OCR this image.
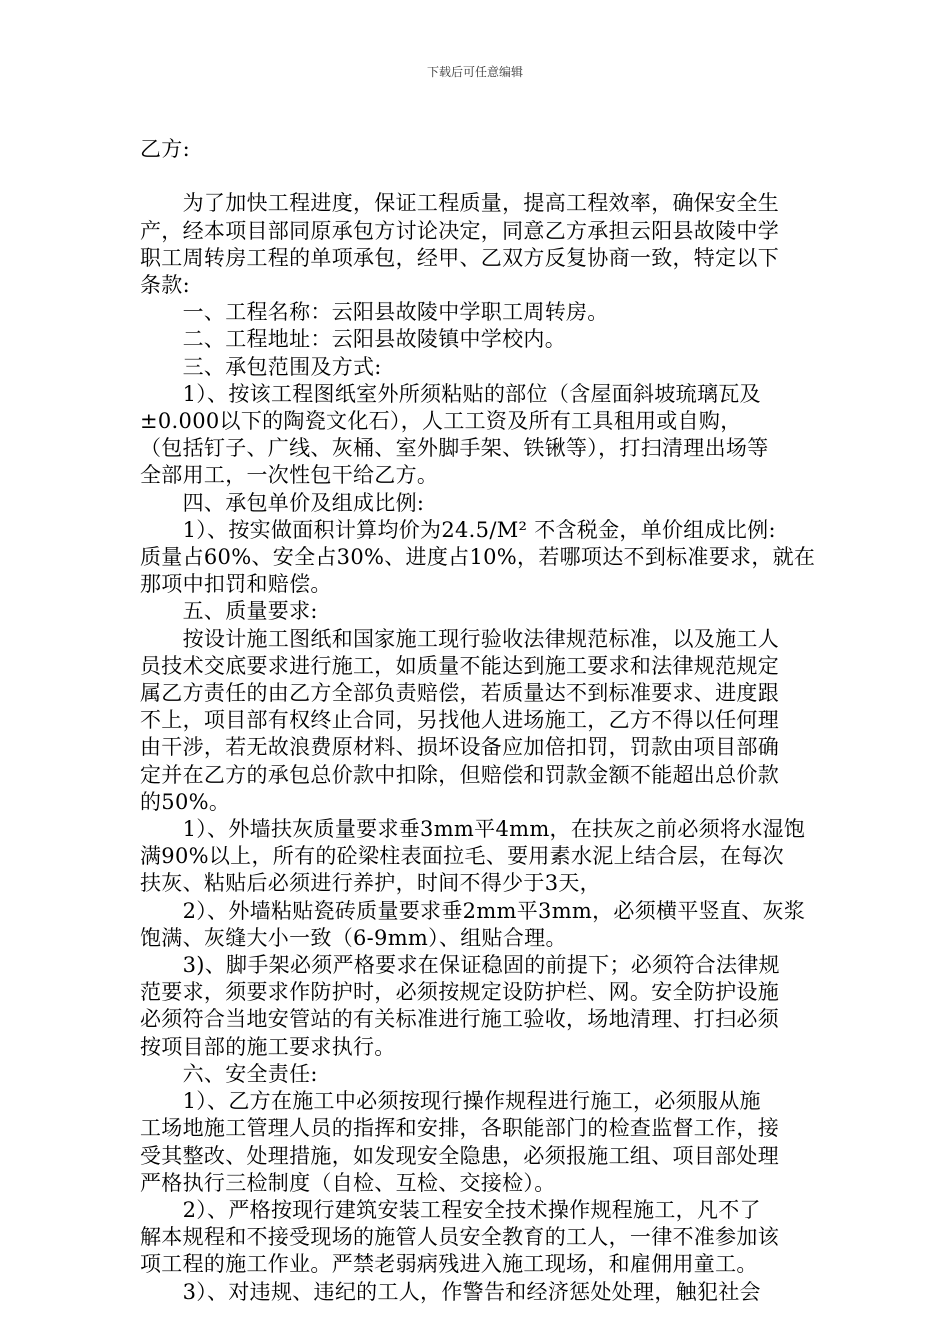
下载后可任意编辑
乙方:
　　为了加快工程进度，保证工程质量，提高工程效率，确保安全生
产，经本项目部同原承包方讨论决定，同意乙方承担云阳县故陵中学
职工周转房工程的单项承包，经甲、乙双方反复协商一致，特定以下
条款:
　　一、工程名称：云阳县故陵中学职工周转房。
　　二、工程地址：云阳县故陵镇中学校内。
　　三、承包范围及方式:
　　1）、按该工程图纸室外所须粘贴的部位（含屋面斜坡琉璃瓦及
±0.000以下的陶瓷文化石），人工工资及所有工具租用或自购，
（包括钉子、广线、灰桶、室外脚手架、铁锹等），打扫清理出场等
全部用工，一次性包干给乙方。
　　四、承包单价及组成比例:
　　1）、按实做面积计算均价为24.5/M² 不含税金，单价组成比例:
质量占60%、安全占30%、进度占10%，若哪项达不到标准要求，就在
那项中扣罚和赔偿。
　　五、质量要求:
　　按设计施工图纸和国家施工现行验收法律规范标准，以及施工人
员技术交底要求进行施工，如质量不能达到施工要求和法律规范规定
属乙方责任的由乙方全部负责赔偿，若质量达不到标准要求、进度跟
不上，项目部有权终止合同，另找他人进场施工，乙方不得以任何理
由干涉，若无故浪费原材料、损坏设备应加倍扣罚，罚款由项目部确
定并在乙方的承包总价款中扣除，但赔偿和罚款金额不能超出总价款
的50%。
　　1）、外墙扶灰质量要求垂3mm平4mm，在扶灰之前必须将水湿饱
满90%以上，所有的砼梁柱表面拉毛、要用素水泥上结合层，在每次
扶灰、粘贴后必须进行养护，时间不得少于3天，
　　2）、外墙粘贴瓷砖质量要求垂2mm平3mm，必须横平竖直、灰浆
饱满、灰缝大小一致（6-9mm）、组贴合理。
　　3)、脚手架必须严格要求在保证稳固的前提下；必须符合法律规
范要求，须要求作防护时，必须按规定设防护栏、网。安全防护设施
必须符合当地安管站的有关标准进行施工验收，场地清理、打扫必须
按项目部的施工要求执行。
　　六、安全责任:
　　1）、乙方在施工中必须按现行操作规程进行施工，必须服从施
工场地施工管理人员的指挥和安排，各职能部门的检查监督工作，接
受其整改、处理措施，如发现安全隐患，必须报施工组、项目部处理
严格执行三检制度（自检、互检、交接检）。
　　2）、严格按现行建筑安装工程安全技术操作规程施工，凡不了
解本规程和不接受现场的施管人员安全教育的工人，一律不准参加该
项工程的施工作业。严禁老弱病残进入施工现场，和雇佣用童工。
　　3）、对违规、违纪的工人，作警告和经济惩处处理，触犯社会
